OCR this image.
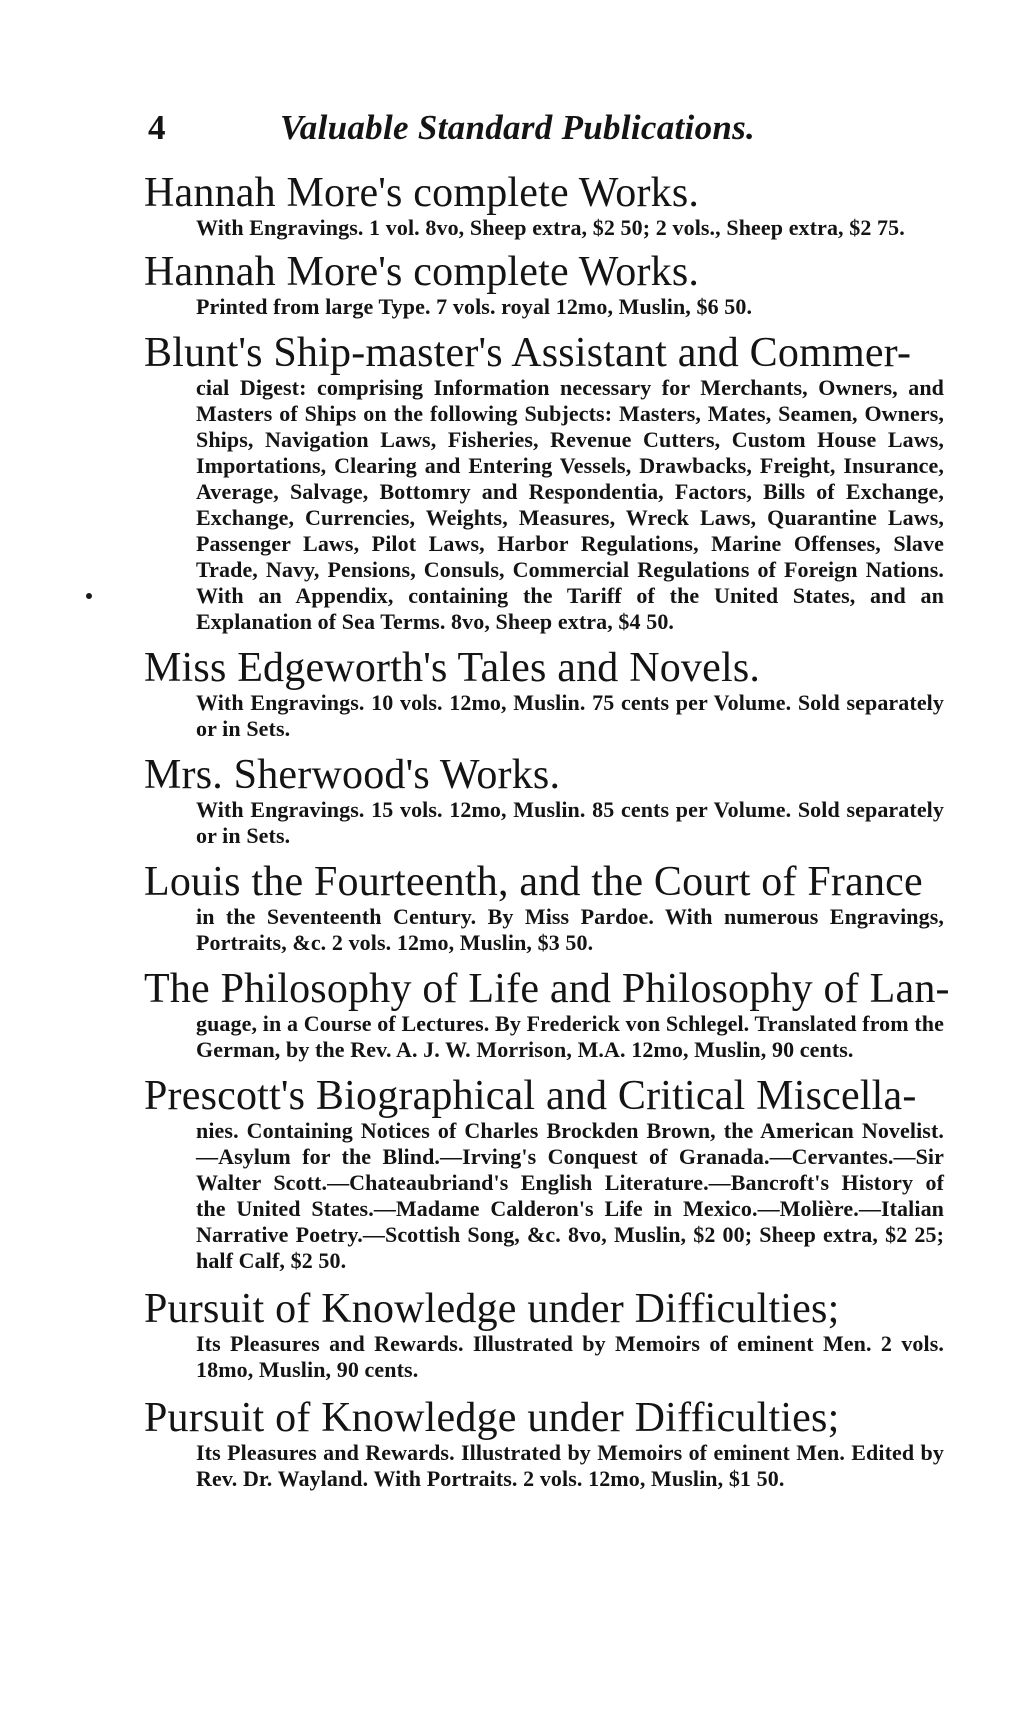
4	Valuable Standard Publications.
Hannah More's complete Works.
With Engravings. 1 vol. 8vo, Sheep extra, $2 50; 2 vols., Sheep extra, $2 75.
Hannah More's complete Works.
Printed from large Type. 7 vols. royal 12mo, Muslin, $6 50.
Blunt's Ship-master's Assistant and Commer-
cial Digest: comprising Information necessary for Merchants, Owners, and Masters of Ships on the following Subjects: Masters, Mates, Seamen, Owners, Ships, Navigation Laws, Fisheries, Revenue Cutters, Custom House Laws, Importations, Clearing and Entering Vessels, Drawbacks, Freight, Insurance, Average, Salvage, Bottomry and Respondentia, Factors, Bills of Exchange, Exchange, Currencies, Weights, Measures, Wreck Laws, Quarantine Laws, Passenger Laws, Pilot Laws, Harbor Regulations, Marine Offenses, Slave Trade, Navy, Pensions, Consuls, Commercial Regulations of Foreign Nations. With an Appendix, containing the Tariff of the United States, and an Explanation of Sea Terms. 8vo, Sheep extra, $4 50.
Miss Edgeworth's Tales and Novels.
With Engravings. 10 vols. 12mo, Muslin. 75 cents per Volume. Sold separately or in Sets.
Mrs. Sherwood's Works.
With Engravings. 15 vols. 12mo, Muslin. 85 cents per Volume. Sold separately or in Sets.
Louis the Fourteenth, and the Court of France
in the Seventeenth Century. By Miss Pardoe. With numerous Engravings, Portraits, &c. 2 vols. 12mo, Muslin, $3 50.
The Philosophy of Life and Philosophy of Lan-
guage, in a Course of Lectures. By Frederick von Schlegel. Translated from the German, by the Rev. A. J. W. Morrison, M.A. 12mo, Muslin, 90 cents.
Prescott's Biographical and Critical Miscella-
nies. Containing Notices of Charles Brockden Brown, the American Novelist.—Asylum for the Blind.—Irving's Conquest of Granada.—Cervantes.—Sir Walter Scott.—Chateaubriand's English Literature.—Bancroft's History of the United States.—Madame Calderon's Life in Mexico.—Molière.—Italian Narrative Poetry.—Scottish Song, &c. 8vo, Muslin, $2 00; Sheep extra, $2 25; half Calf, $2 50.
Pursuit of Knowledge under Difficulties;
Its Pleasures and Rewards. Illustrated by Memoirs of eminent Men. 2 vols. 18mo, Muslin, 90 cents.
Pursuit of Knowledge under Difficulties;
Its Pleasures and Rewards. Illustrated by Memoirs of eminent Men. Edited by Rev. Dr. Wayland. With Portraits. 2 vols. 12mo, Muslin, $1 50.
